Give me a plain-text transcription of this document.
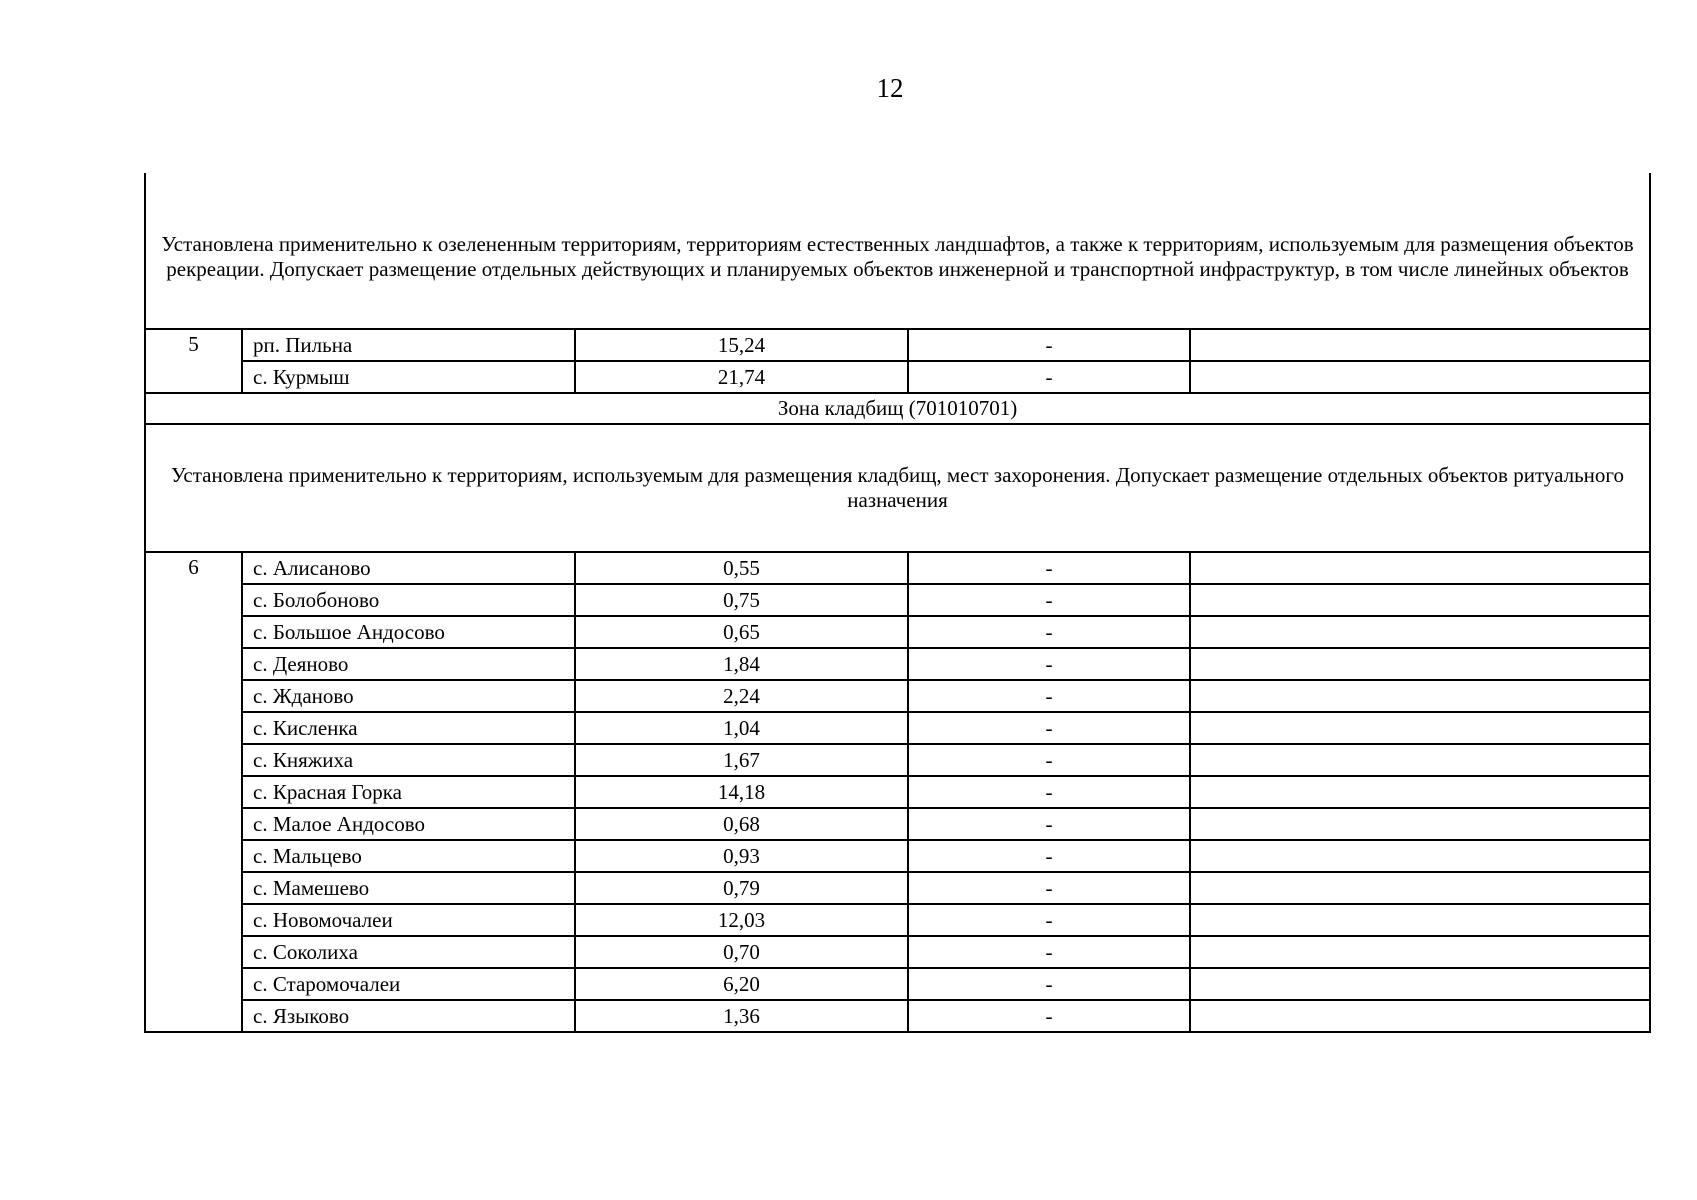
12
Установлена применительно к озелененным территориям, территориям естественных ландшафтов, а также к территориям, используемым для размещения объектов рекреации. Допускает размещение отдельных действующих и планируемых объектов инженерной и транспортной инфраструктур, в том числе линейных объектов				
5	рп. Пильна	15,24	-	
	с. Курмыш	21,74	-	
Зона кладбищ (701010701)				
Установлена применительно к территориям, используемым для размещения кладбищ, мест захоронения. Допускает размещение отдельных объектов ритуального назначения				
6	с. Алисаново	0,55	-	
	с. Болобоново	0,75	-	
	с. Большое Андосово	0,65	-	
	с. Деяново	1,84	-	
	с. Жданово	2,24	-	
	с. Кисленка	1,04	-	
	с. Княжиха	1,67	-	
	с. Красная Горка	14,18	-	
	с. Малое Андосово	0,68	-	
	с. Мальцево	0,93	-	
	с. Мамешево	0,79	-	
	с. Новомочалеи	12,03	-	
	с. Соколиха	0,70	-	
	с. Старомочалеи	6,20	-	
	с. Языково	1,36	-	
